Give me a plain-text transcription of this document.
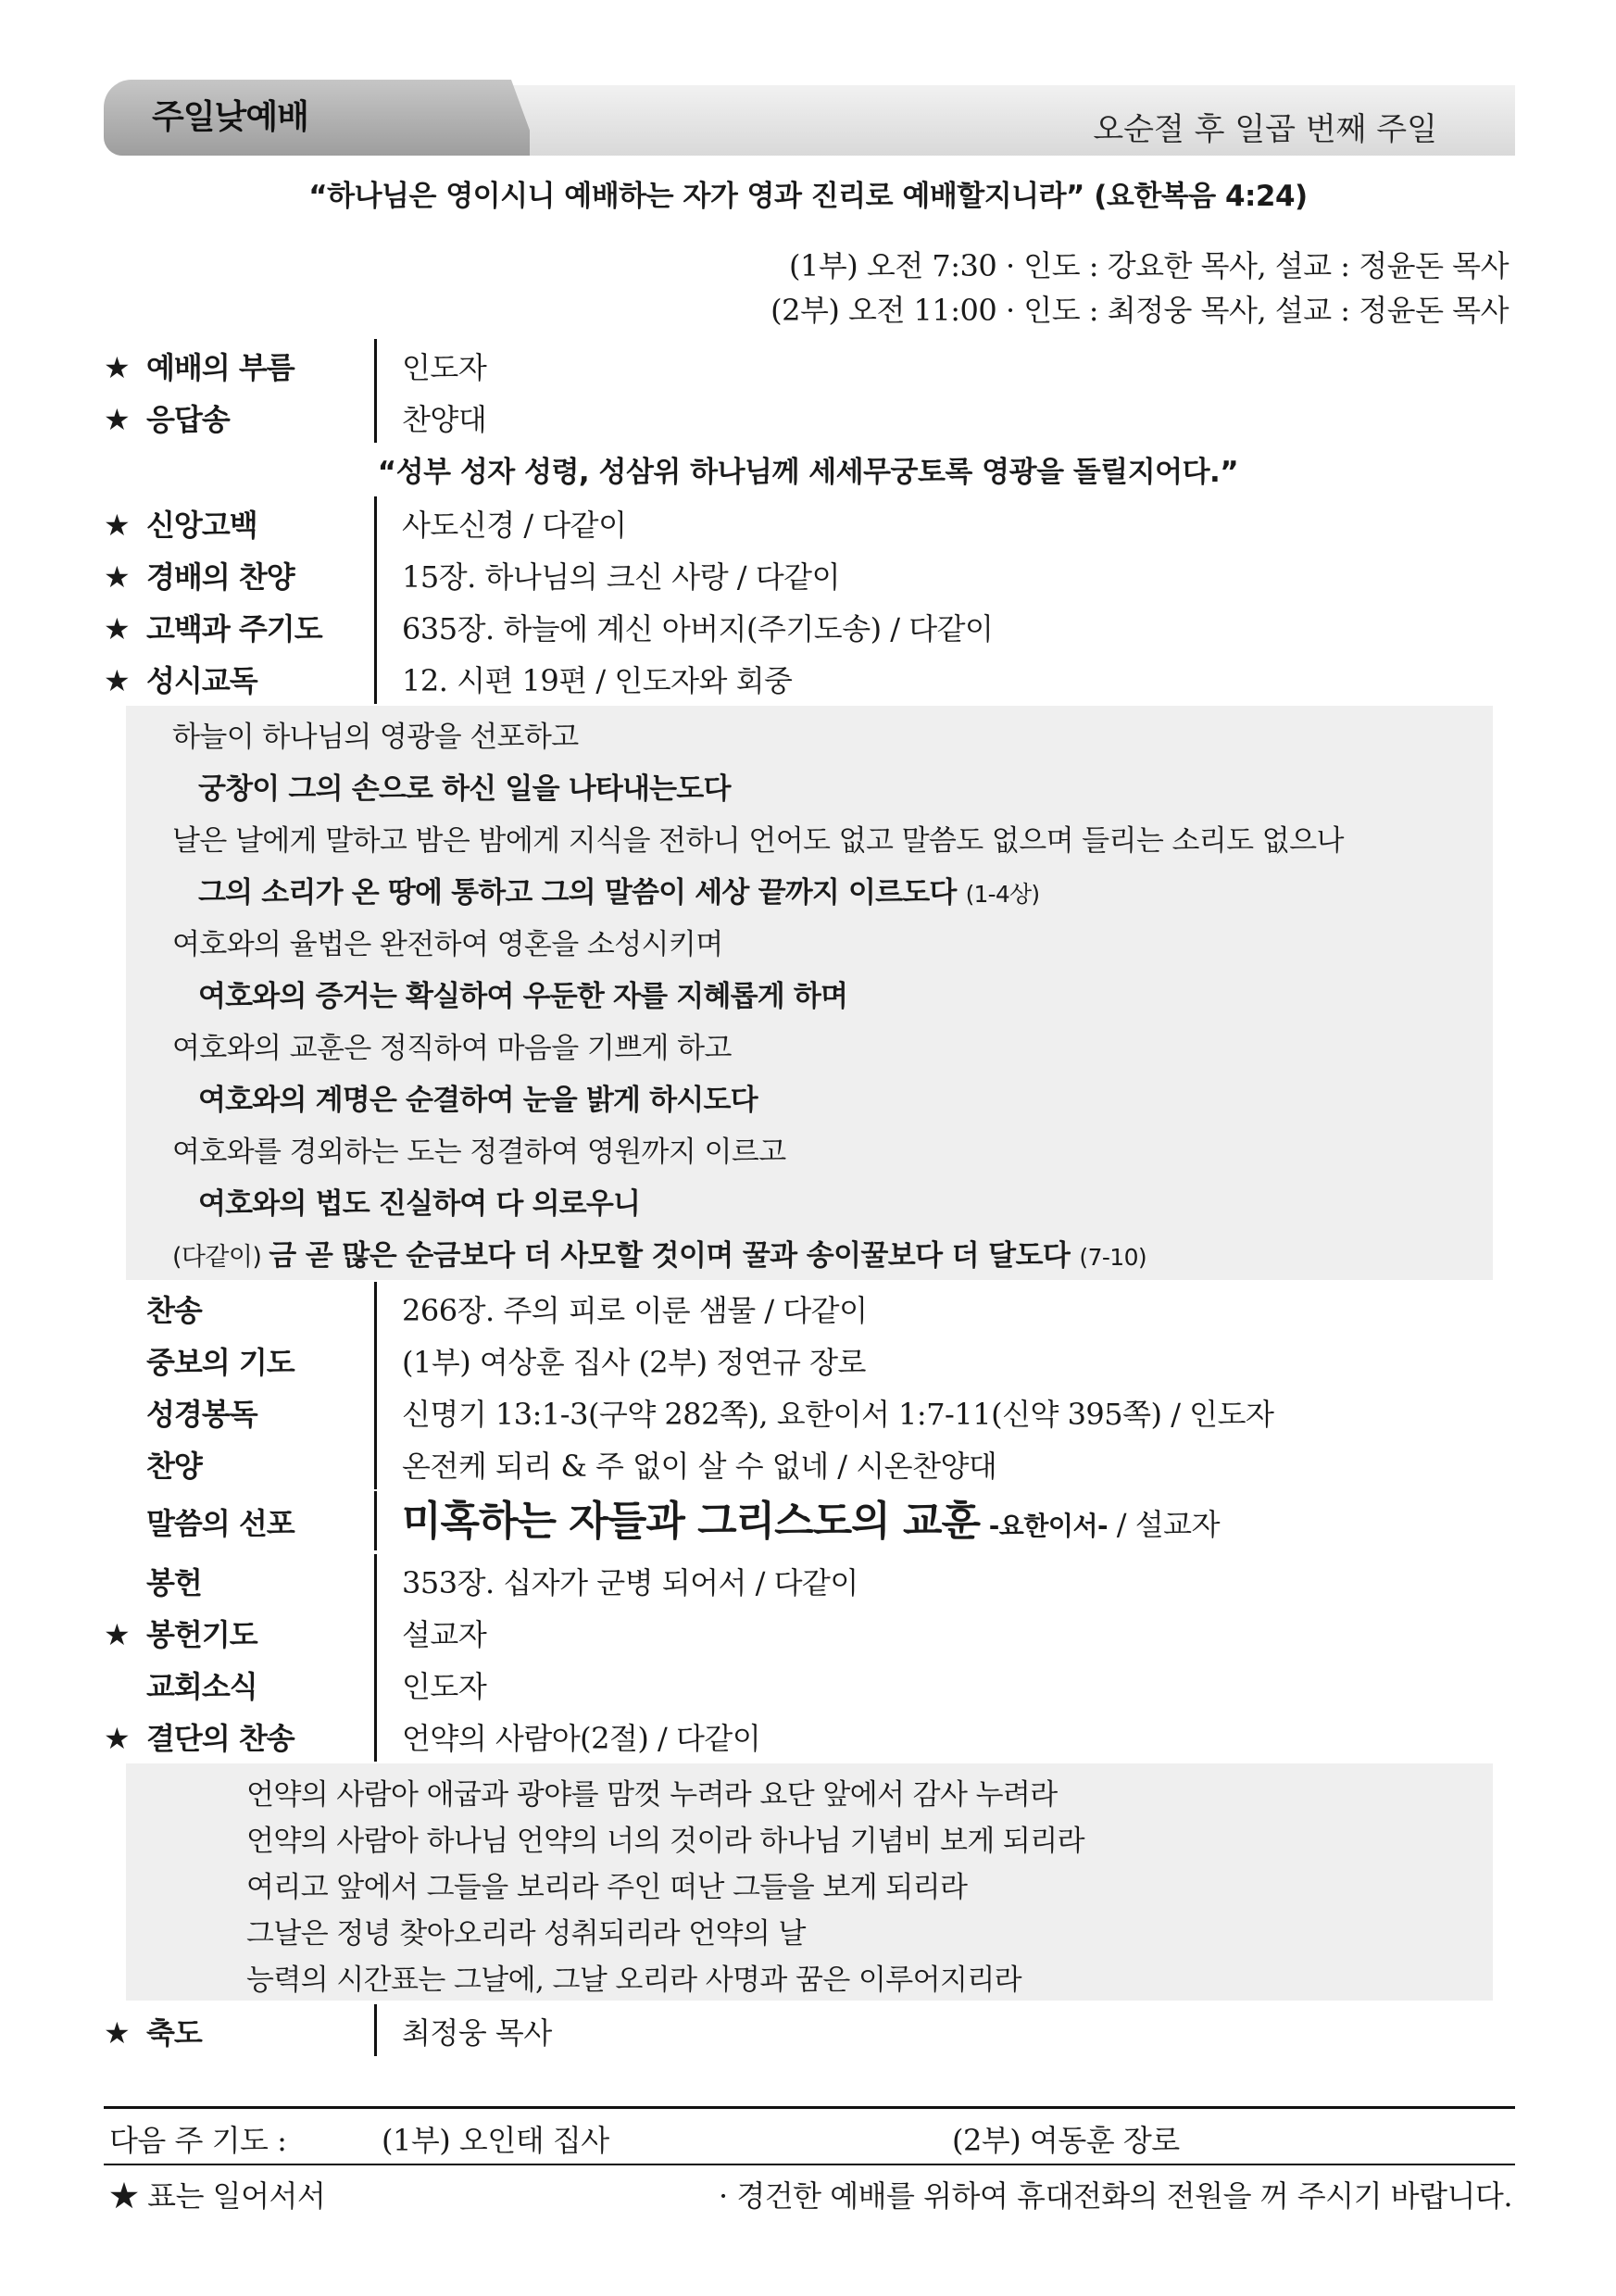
주일낮예배	오순절 후 일곱 번째 주일
“하나님은 영이시니 예배하는 자가 영과 진리로 예배할지니라” (요한복음 4:24)
(1부) 오전 7:30 · 인도 : 강요한 목사, 설교 : 정윤돈 목사
(2부) 오전 11:00 · 인도 : 최정웅 목사, 설교 : 정윤돈 목사
★ 예배의 부름	인도자
★ 응답송	찬양대
“성부 성자 성령, 성삼위 하나님께 세세무궁토록 영광을 돌릴지어다.”
★ 신앙고백	사도신경 / 다같이
★ 경배의 찬양	15장. 하나님의 크신 사랑 / 다같이
★ 고백과 주기도	635장. 하늘에 계신 아버지(주기도송) / 다같이
★ 성시교독	12. 시편 19편 / 인도자와 회중
하늘이 하나님의 영광을 선포하고
궁창이 그의 손으로 하신 일을 나타내는도다
날은 날에게 말하고 밤은 밤에게 지식을 전하니 언어도 없고 말씀도 없으며 들리는 소리도 없으나
그의 소리가 온 땅에 통하고 그의 말씀이 세상 끝까지 이르도다 (1-4상)
여호와의 율법은 완전하여 영혼을 소성시키며
여호와의 증거는 확실하여 우둔한 자를 지혜롭게 하며
여호와의 교훈은 정직하여 마음을 기쁘게 하고
여호와의 계명은 순결하여 눈을 밝게 하시도다
여호와를 경외하는 도는 정결하여 영원까지 이르고
여호와의 법도 진실하여 다 의로우니
(다같이) 금 곧 많은 순금보다 더 사모할 것이며 꿀과 송이꿀보다 더 달도다 (7-10)
찬송	266장. 주의 피로 이룬 샘물 / 다같이
중보의 기도	(1부) 여상훈 집사 (2부) 정연규 장로
성경봉독	신명기 13:1-3(구약 282쪽), 요한이서 1:7-11(신약 395쪽) / 인도자
찬양	온전케 되리 & 주 없이 살 수 없네 / 시온찬양대
말씀의 선포	미혹하는 자들과 그리스도의 교훈 -요한이서- / 설교자
봉헌	353장. 십자가 군병 되어서 / 다같이
★ 봉헌기도	설교자
교회소식	인도자
★ 결단의 찬송	언약의 사람아(2절) / 다같이
언약의 사람아 애굽과 광야를 맘껏 누려라 요단 앞에서 감사 누려라
언약의 사람아 하나님 언약의 너의 것이라 하나님 기념비 보게 되리라
여리고 앞에서 그들을 보리라 주인 떠난 그들을 보게 되리라
그날은 정녕 찾아오리라 성취되리라 언약의 날
능력의 시간표는 그날에, 그날 오리라 사명과 꿈은 이루어지리라
★ 축도	최정웅 목사
다음 주 기도 :	(1부) 오인태 집사	(2부) 여동훈 장로
★ 표는 일어서서	· 경건한 예배를 위하여 휴대전화의 전원을 꺼 주시기 바랍니다.
